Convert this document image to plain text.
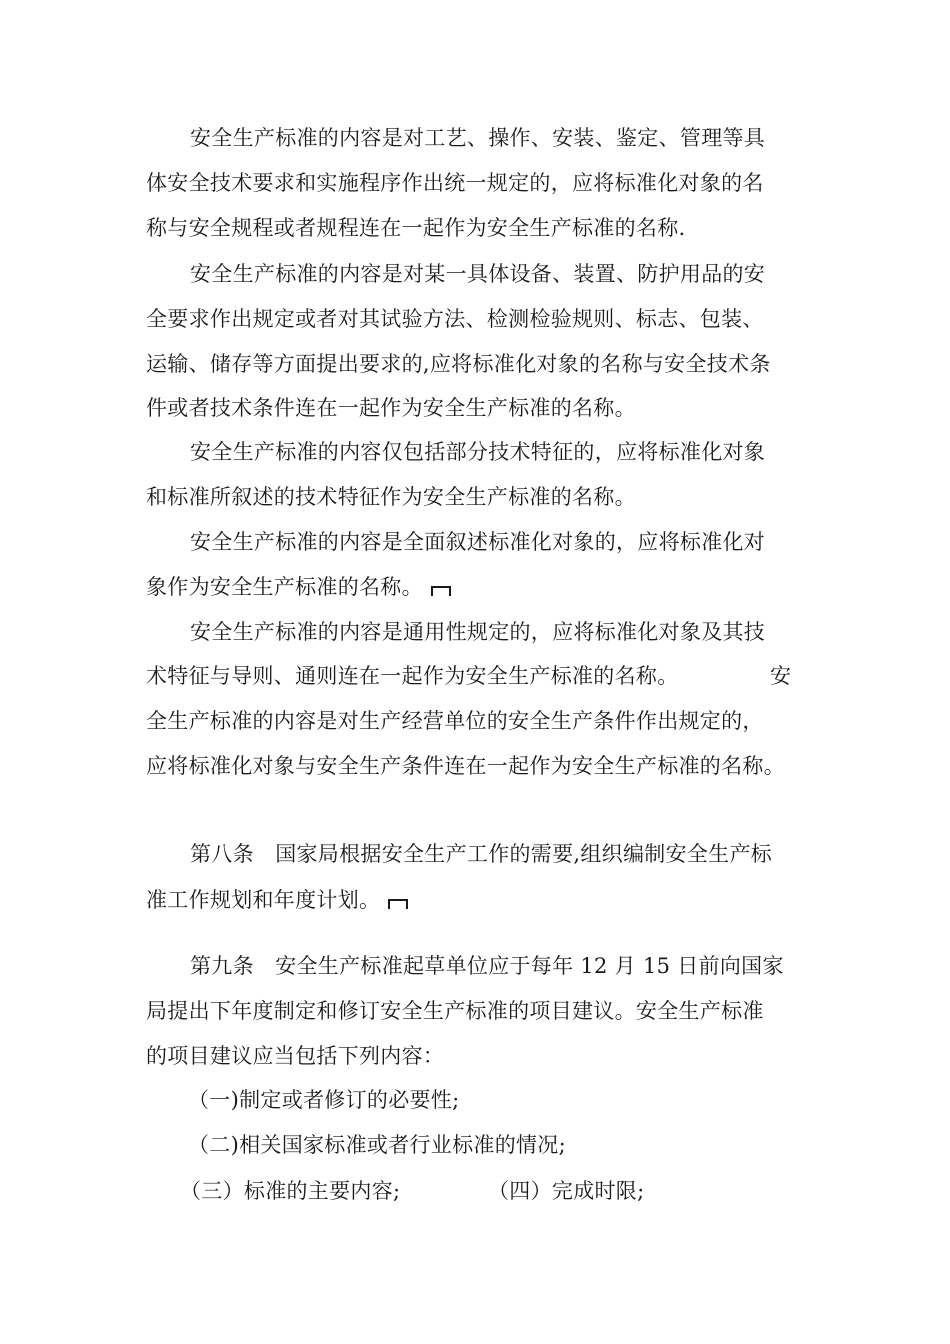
安全生产标准的内容是对工艺、操作、安装、鉴定、管理等具
体安全技术要求和实施程序作出统一规定的，应将标准化对象的名
称与安全规程或者规程连在一起作为安全生产标准的名称.
安全生产标准的内容是对某一具体设备、装置、防护用品的安
全要求作出规定或者对其试验方法、检测检验规则、标志、包装、
运输、储存等方面提出要求的,应将标准化对象的名称与安全技术条
件或者技术条件连在一起作为安全生产标准的名称。
安全生产标准的内容仅包括部分技术特征的，应将标准化对象
和标准所叙述的技术特征作为安全生产标准的名称。
安全生产标准的内容是全面叙述标准化对象的，应将标准化对
象作为安全生产标准的名称。
安全生产标准的内容是通用性规定的，应将标准化对象及其技
术特征与导则、通则连在一起作为安全生产标准的名称。	安
全生产标准的内容是对生产经营单位的安全生产条件作出规定的，
应将标准化对象与安全生产条件连在一起作为安全生产标准的名称。
第八条　国家局根据安全生产工作的需要,组织编制安全生产标
准工作规划和年度计划。
第九条　安全生产标准起草单位应于每年 12 月 15 日前向国家
局提出下年度制定和修订安全生产标准的项目建议。安全生产标准
的项目建议应当包括下列内容：
（一)制定或者修订的必要性;
（二)相关国家标准或者行业标准的情况;
（三）标准的主要内容;	（四）完成时限;
